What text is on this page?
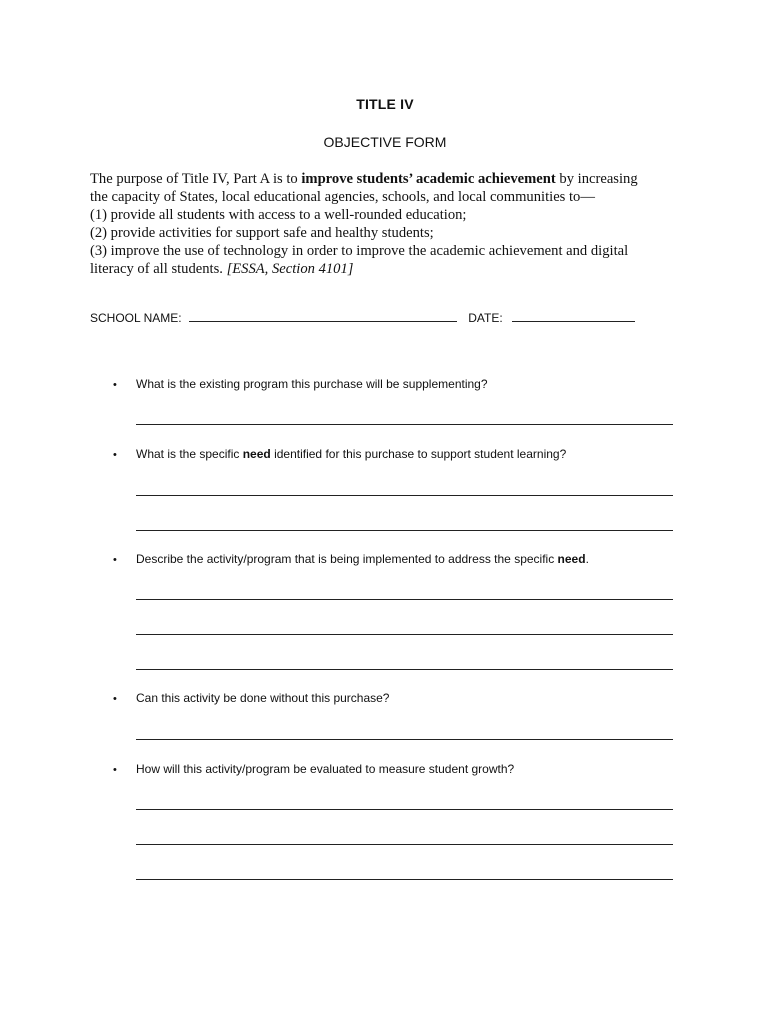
TITLE IV
OBJECTIVE FORM
The purpose of Title IV, Part A is to improve students’ academic achievement by increasing
the capacity of States, local educational agencies, schools, and local communities to—
(1) provide all students with access to a well-rounded education;
(2) provide activities for support safe and healthy students;
(3) improve the use of technology in order to improve the academic achievement and digital
literacy of all students. [ESSA, Section 4101]
SCHOOL NAME:	DATE:
• What is the existing program this purchase will be supplementing?
• What is the specific need identified for this purchase to support student learning?
• Describe the activity/program that is being implemented to address the specific need.
• Can this activity be done without this purchase?
• How will this activity/program be evaluated to measure student growth?
